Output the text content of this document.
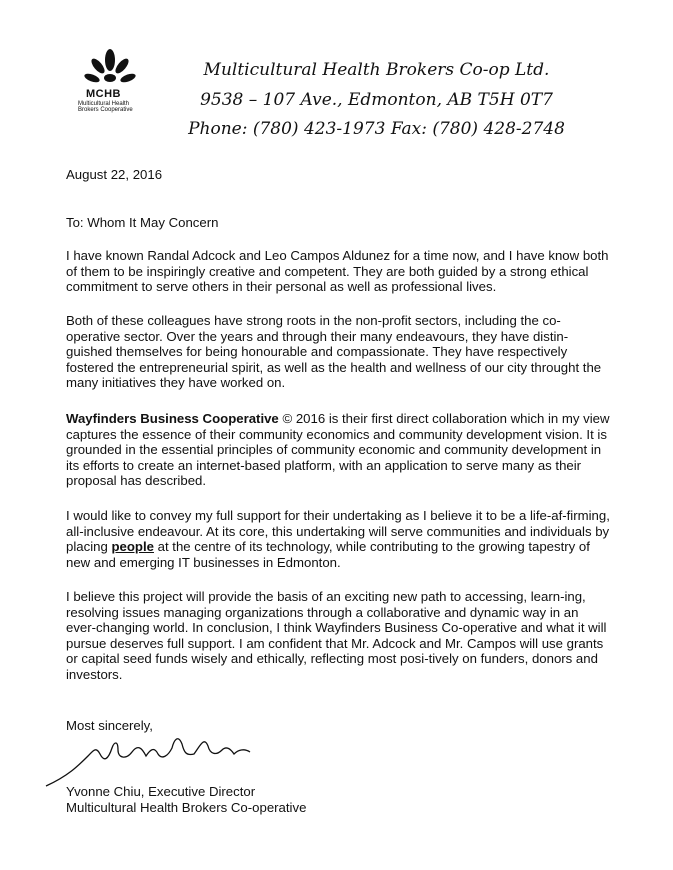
MCHB
Multicultural Health Brokers Cooperative
Multicultural Health Brokers Co-op Ltd.
9538 – 107 Ave., Edmonton, AB T5H 0T7
Phone: (780) 423-1973 Fax: (780) 428-2748
August 22, 2016
To: Whom It May Concern
I have known Randal Adcock and Leo Campos Aldunez for a time now, and I have know both of them to be inspiringly creative and competent. They are both guided by a strong ethical commitment to serve others in their personal as well as professional lives.
Both of these colleagues have strong roots in the non-profit sectors, including the co-operative sector. Over the years and through their many endeavours, they have distin-guished themselves for being honourable and compassionate. They have respectively fostered the entrepreneurial spirit, as well as the health and wellness of our city throught the many initiatives they have worked on.
Wayfinders Business Cooperative © 2016 is their first direct collaboration which in my view captures the essence of their community economics and community development vision. It is grounded in the essential principles of community economic and community development in its efforts to create an internet-based platform, with an application to serve many as their proposal has described.
I would like to convey my full support for their undertaking as I believe it to be a life-af-firming, all-inclusive endeavour. At its core, this undertaking will serve communities and individuals by placing people at the centre of its technology, while contributing to the growing tapestry of new and emerging IT businesses in Edmonton.
I believe this project will provide the basis of an exciting new path to accessing, learn-ing, resolving issues managing organizations through a collaborative and dynamic way in an ever-changing world. In conclusion, I think Wayfinders Business Co-operative and what it will pursue deserves full support. I am confident that Mr. Adcock and Mr. Campos will use grants or capital seed funds wisely and ethically, reflecting most posi-tively on funders, donors and investors.
Most sincerely,
Yvonne Chiu, Executive Director
Multicultural Health Brokers Co-operative
